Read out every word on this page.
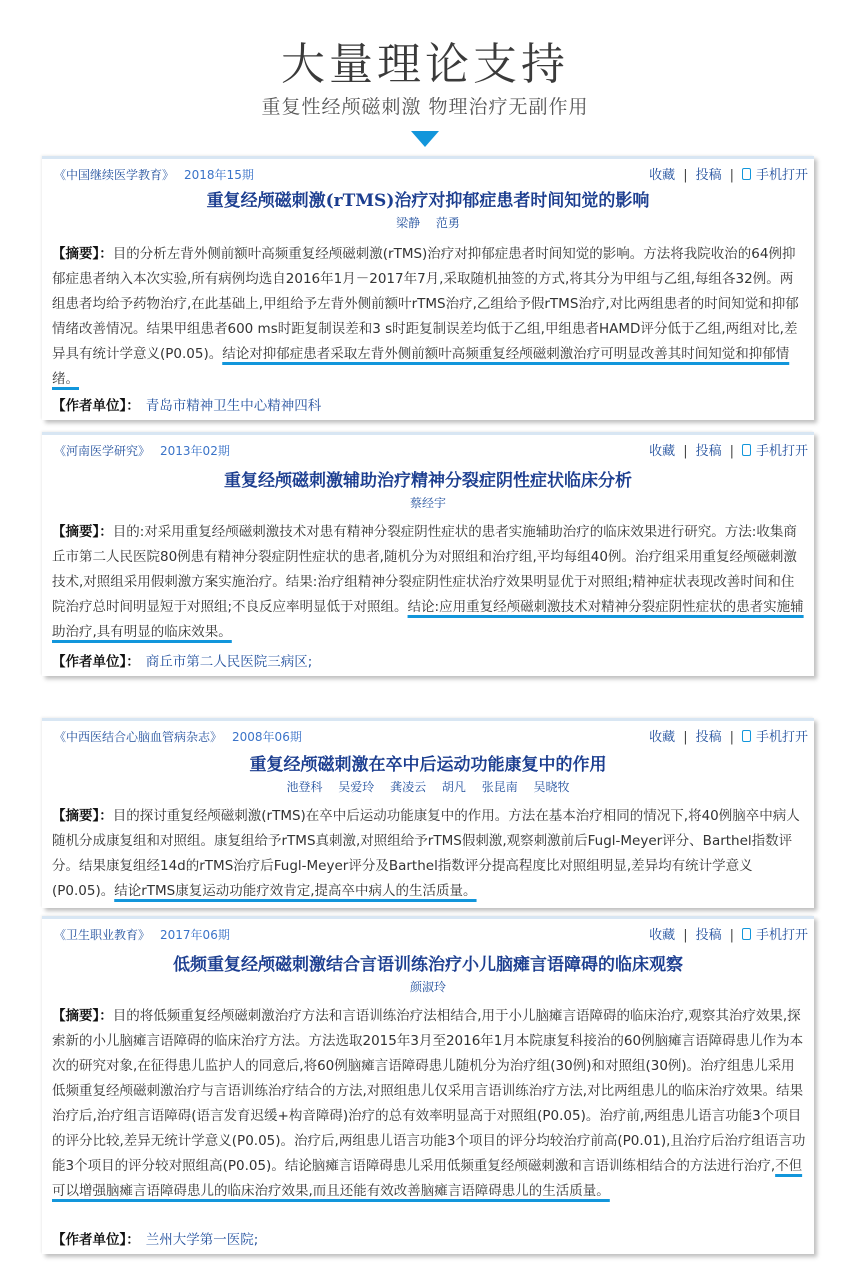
大量理论支持
重复性经颅磁刺激 物理治疗无副作用
《中国继续医学教育》 2018年15期	收藏 | 投稿 | 手机打开
重复经颅磁刺激(rTMS)治疗对抑郁症患者时间知觉的影响
梁静 范勇
【摘要】：目的分析左背外侧前额叶高频重复经颅磁刺激(rTMS)治疗对抑郁症患者时间知觉的影响。方法将我院收治的64例抑郁症患者纳入本次实验,所有病例均选自2016年1月－2017年7月,采取随机抽签的方式,将其分为甲组与乙组,每组各32例。两组患者均给予药物治疗,在此基础上,甲组给予左背外侧前额叶rTMS治疗,乙组给予假rTMS治疗,对比两组患者的时间知觉和抑郁情绪改善情况。结果甲组患者600 ms时距复制误差和3 s时距复制误差均低于乙组,甲组患者HAMD评分低于乙组,两组对比,差异具有统计学意义(P0.05)。结论对抑郁症患者采取左背外侧前额叶高频重复经颅磁刺激治疗可明显改善其时间知觉和抑郁情绪。
【作者单位】： 青岛市精神卫生中心精神四科
《河南医学研究》 2013年02期	收藏 | 投稿 | 手机打开
重复经颅磁刺激辅助治疗精神分裂症阴性症状临床分析
蔡经宇
【摘要】：目的:对采用重复经颅磁刺激技术对患有精神分裂症阴性症状的患者实施辅助治疗的临床效果进行研究。方法:收集商丘市第二人民医院80例患有精神分裂症阴性症状的患者,随机分为对照组和治疗组,平均每组40例。治疗组采用重复经颅磁刺激技术,对照组采用假刺激方案实施治疗。结果:治疗组精神分裂症阴性症状治疗效果明显优于对照组;精神症状表现改善时间和住院治疗总时间明显短于对照组;不良反应率明显低于对照组。结论:应用重复经颅磁刺激技术对精神分裂症阴性症状的患者实施辅助治疗,具有明显的临床效果。
【作者单位】： 商丘市第二人民医院三病区;
《中西医结合心脑血管病杂志》 2008年06期	收藏 | 投稿 | 手机打开
重复经颅磁刺激在卒中后运动功能康复中的作用
池登科 吴爱玲 龚凌云 胡凡 张昆南 吴晓牧
【摘要】：目的探讨重复经颅磁刺激(rTMS)在卒中后运动功能康复中的作用。方法在基本治疗相同的情况下,将40例脑卒中病人随机分成康复组和对照组。康复组给予rTMS真刺激,对照组给予rTMS假刺激,观察刺激前后Fugl-Meyer评分、Barthel指数评分。结果康复组经14d的rTMS治疗后Fugl-Meyer评分及Barthel指数评分提高程度比对照组明显,差异均有统计学意义(P0.05)。结论rTMS康复运动功能疗效肯定,提高卒中病人的生活质量。
《卫生职业教育》 2017年06期	收藏 | 投稿 | 手机打开
低频重复经颅磁刺激结合言语训练治疗小儿脑瘫言语障碍的临床观察
颜淑玲
【摘要】：目的将低频重复经颅磁刺激治疗方法和言语训练治疗法相结合,用于小儿脑瘫言语障碍的临床治疗,观察其治疗效果,探索新的小儿脑瘫言语障碍的临床治疗方法。方法选取2015年3月至2016年1月本院康复科接治的60例脑瘫言语障碍患儿作为本次的研究对象,在征得患儿监护人的同意后,将60例脑瘫言语障碍患儿随机分为治疗组(30例)和对照组(30例)。治疗组患儿采用低频重复经颅磁刺激治疗与言语训练治疗结合的方法,对照组患儿仅采用言语训练治疗方法,对比两组患儿的临床治疗效果。结果治疗后,治疗组言语障碍(语言发育迟缓+构音障碍)治疗的总有效率明显高于对照组(P0.05)。治疗前,两组患儿语言功能3个项目的评分比较,差异无统计学意义(P0.05)。治疗后,两组患儿语言功能3个项目的评分均较治疗前高(P0.01),且治疗后治疗组语言功能3个项目的评分较对照组高(P0.05)。结论脑瘫言语障碍患儿采用低频重复经颅磁刺激和言语训练相结合的方法进行治疗,不但可以增强脑瘫言语障碍患儿的临床治疗效果,而且还能有效改善脑瘫言语障碍患儿的生活质量。
【作者单位】： 兰州大学第一医院;
